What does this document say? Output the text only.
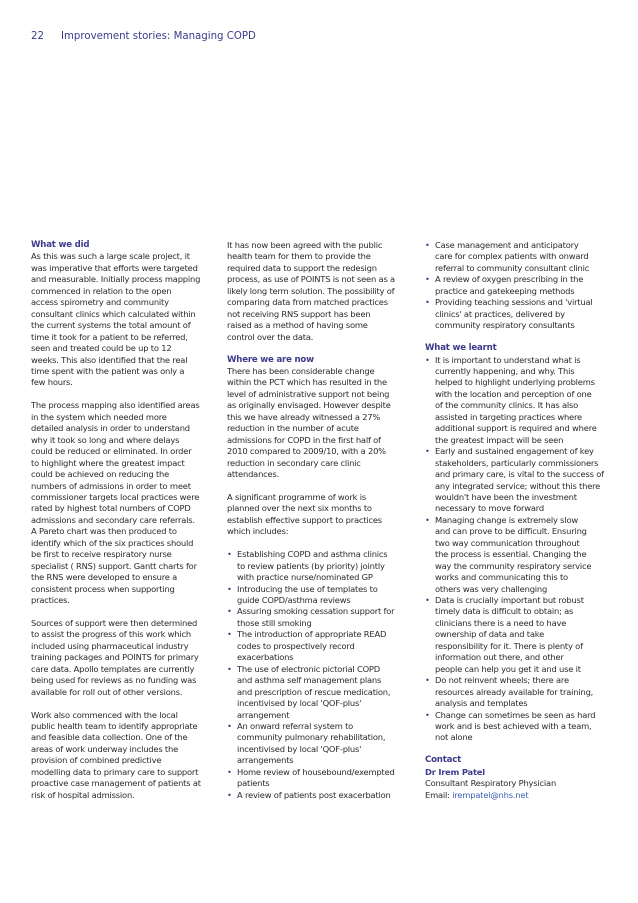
22 Improvement stories: Managing COPD
What we did

As this was such a large scale project, it
was imperative that efforts were targeted
and measurable. Initially process mapping
commenced in relation to the open
access spirometry and community
consultant clinics which calculated within
the current systems the total amount of
time it took for a patient to be referred,
seen and treated could be up to 12
weeks. This also identified that the real
time spent with the patient was only a
few hours.

The process mapping also identified areas
in the system which needed more
detailed analysis in order to understand
why it took so long and where delays
could be reduced or eliminated. In order
to highlight where the greatest impact
could be achieved on reducing the
numbers of admissions in order to meet
commissioner targets local practices were
rated by highest total numbers of COPD
admissions and secondary care referrals.
A Pareto chart was then produced to
identify which of the six practices should
be first to receive respiratory nurse
specialist ( RNS) support. Gantt charts for
the RNS were developed to ensure a
consistent process when supporting
practices.

Sources of support were then determined
to assist the progress of this work which
included using pharmaceutical industry
training packages and POINTS for primary
care data. Apollo templates are currently
being used for reviews as no funding was
available for roll out of other versions.

Work also commenced with the local
public health team to identify appropriate
and feasible data collection. One of the
areas of work underway includes the
provision of combined predictive
modelling data to primary care to support
proactive case management of patients at
risk of hospital admission.

It has now been agreed with the public
health team for them to provide the
required data to support the redesign
process, as use of POINTS is not seen as a
likely long term solution. The possibility of
comparing data from matched practices
not receiving RNS support has been
raised as a method of having some
control over the data.

Where we are now

There has been considerable change
within the PCT which has resulted in the
level of administrative support not being
as originally envisaged. However despite
this we have already witnessed a 27%
reduction in the number of acute
admissions for COPD in the first half of
2010 compared to 2009/10, with a 20%
reduction in secondary care clinic
attendances.

A significant programme of work is
planned over the next six months to
establish effective support to practices
which includes:

• Establishing COPD and asthma clinics
to review patients (by priority) jointly
with practice nurse/nominated GP
• Introducing the use of templates to
guide COPD/asthma reviews
• Assuring smoking cessation support for
those still smoking
• The introduction of appropriate READ
codes to prospectively record
exacerbations
• The use of electronic pictorial COPD
and asthma self management plans
and prescription of rescue medication,
incentivised by local 'QOF-plus'
arrangement
• An onward referral system to
community pulmonary rehabilitation,
incentivised by local 'QOF-plus'
arrangements
• Home review of housebound/exempted
patients
• A review of patients post exacerbation
• Case management and anticipatory
care for complex patients with onward
referral to community consultant clinic
• A review of oxygen prescribing in the
practice and gatekeeping methods
• Providing teaching sessions and 'virtual
clinics' at practices, delivered by
community respiratory consultants
What we learnt
• It is important to understand what is
currently happening, and why. This
helped to highlight underlying problems
with the location and perception of one
of the community clinics. It has also
assisted in targeting practices where
additional support is required and where
the greatest impact will be seen
• Early and sustained engagement of key
stakeholders, particularly commissioners
and primary care, is vital to the success of
any integrated service; without this there
wouldn't have been the investment
necessary to move forward
• Managing change is extremely slow
and can prove to be difficult. Ensuring
two way communication throughout
the process is essential. Changing the
way the community respiratory service
works and communicating this to
others was very challenging
• Data is crucially important but robust
timely data is difficult to obtain; as
clinicians there is a need to have
ownership of data and take
responsibility for it. There is plenty of
information out there, and other
people can help you get it and use it
• Do not reinvent wheels; there are
resources already available for training,
analysis and templates
• Change can sometimes be seen as hard
work and is best achieved with a team,
not alone
Contact
Dr Irem Patel
Consultant Respiratory Physician
Email: irempatel@nhs.net
